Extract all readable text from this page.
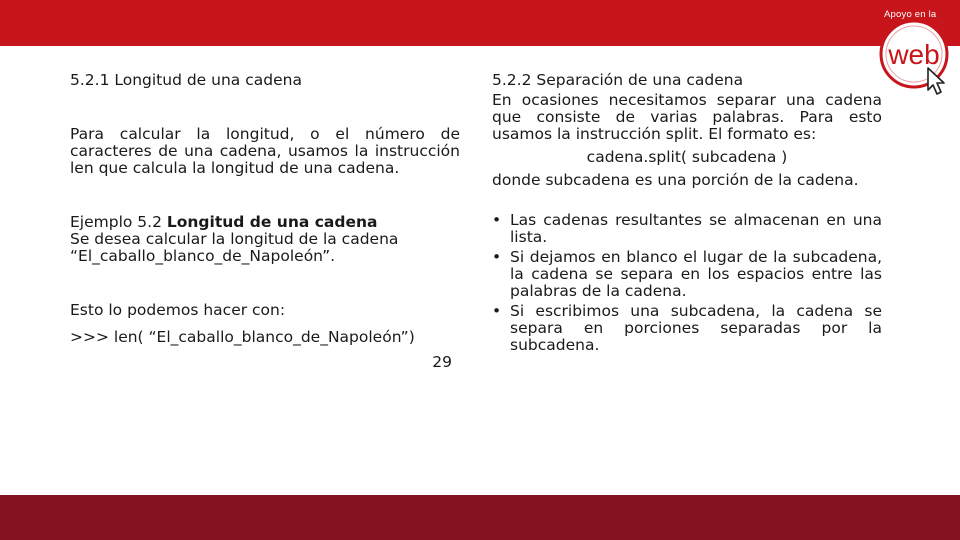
Apoyo en la
web
5.2.1 Longitud de una cadena

Para calcular la longitud, o el número de caracteres de una cadena, usamos la instrucción len que calcula la longitud de una cadena.

Ejemplo 5.2 Longitud de una cadena

Se desea calcular la longitud de la cadena “El_caballo_blanco_de_Napoleón”.

Esto lo podemos hacer con:

>>> len( “El_caballo_blanco_de_Napoleón”)

29

5.2.2 Separación de una cadena

En ocasiones necesitamos separar una cadena que consiste de varias palabras. Para esto usamos la instrucción split. El formato es:

cadena.split( subcadena )

donde subcadena es una porción de la cadena.

• Las cadenas resultantes se almacenan en una lista.
• Si dejamos en blanco el lugar de la subcadena, la cadena se separa en los espacios entre las palabras de la cadena.
• Si escribimos una subcadena, la cadena se separa en porciones separadas por la subcadena.
